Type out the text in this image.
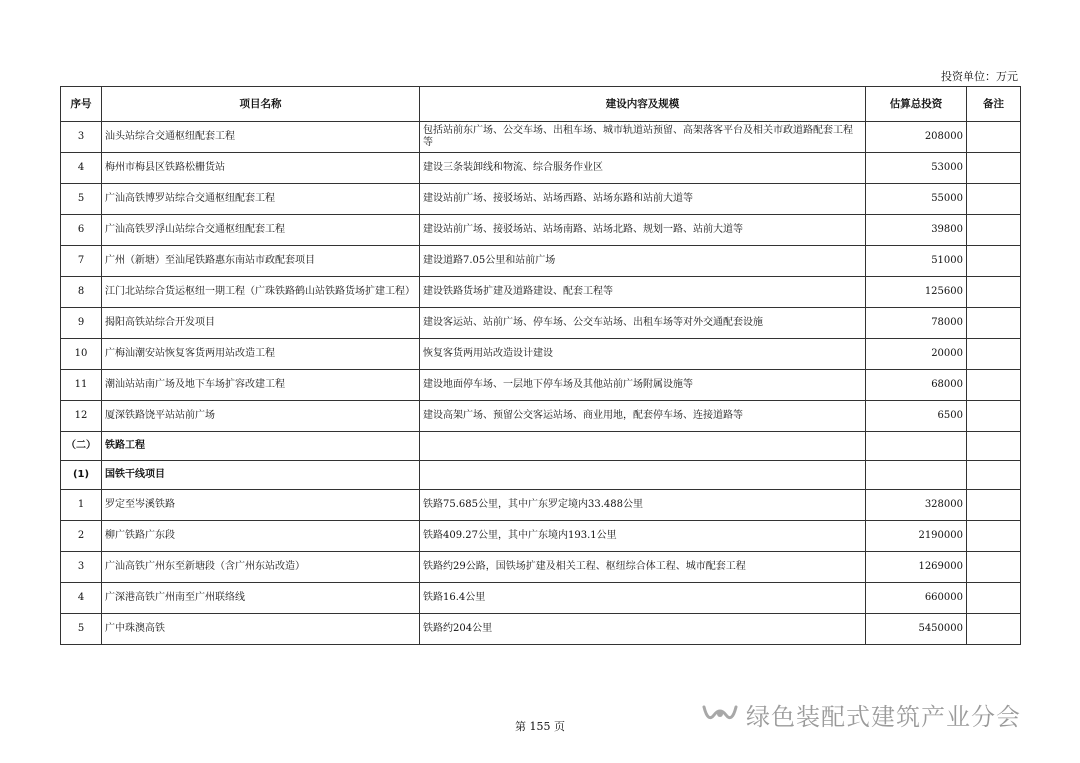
投资单位：万元
序号	项目名称	建设内容及规模	估算总投资	备注
3	汕头站综合交通枢纽配套工程	包括站前东广场、公交车场、出租车场、城市轨道站预留、高架落客平台及相关市政道路配套工程等	208000	
4	梅州市梅县区铁路松栅货站	建设三条装卸线和物流、综合服务作业区	53000	
5	广汕高铁博罗站综合交通枢纽配套工程	建设站前广场、接驳场站、站场西路、站场东路和站前大道等	55000	
6	广汕高铁罗浮山站综合交通枢纽配套工程	建设站前广场、接驳场站、站场南路、站场北路、规划一路、站前大道等	39800	
7	广州（新塘）至汕尾铁路惠东南站市政配套项目	建设道路7.05公里和站前广场	51000	
8	江门北站综合货运枢纽一期工程（广珠铁路鹤山站铁路货场扩建工程）	建设铁路货场扩建及道路建设、配套工程等	125600	
9	揭阳高铁站综合开发项目	建设客运站、站前广场、停车场、公交车站场、出租车场等对外交通配套设施	78000	
10	广梅汕潮安站恢复客货两用站改造工程	恢复客货两用站改造设计建设	20000	
11	潮汕站站南广场及地下车场扩容改建工程	建设地面停车场、一层地下停车场及其他站前广场附属设施等	68000	
12	厦深铁路饶平站站前广场	建设高架广场、预留公交客运站场、商业用地，配套停车场、连接道路等	6500	
（二）	铁路工程			
(1)	国铁干线项目			
1	罗定至岑溪铁路	铁路75.685公里，其中广东罗定境内33.488公里	328000	
2	柳广铁路广东段	铁路409.27公里，其中广东境内193.1公里	2190000	
3	广汕高铁广州东至新塘段（含广州东站改造）	铁路约29公路，国铁场扩建及相关工程、枢纽综合体工程、城市配套工程	1269000	
4	广深港高铁广州南至广州联络线	铁路16.4公里	660000	
5	广中珠澳高铁	铁路约204公里	5450000	
第 155 页	绿色装配式建筑产业分会
